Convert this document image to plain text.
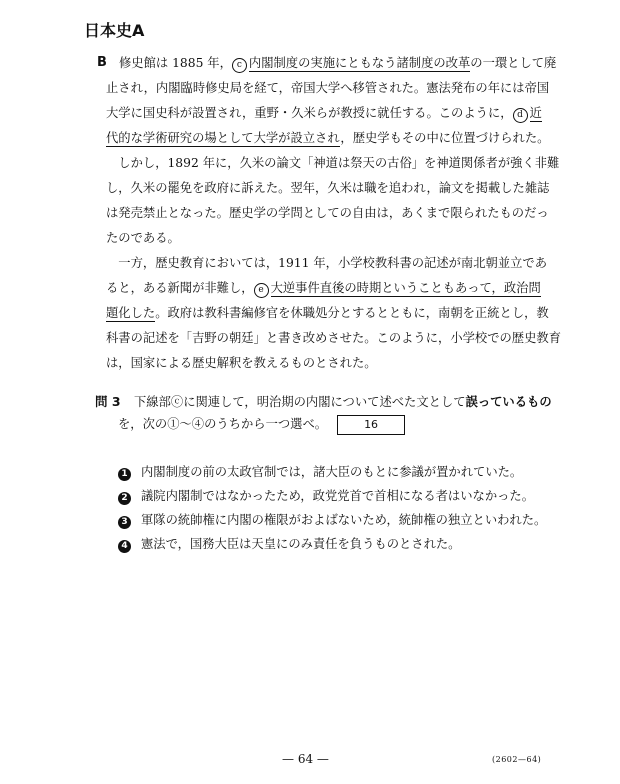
日本史A
B 修史館は 1885 年， c 内閣制度の実施にともなう諸制度の改革の一環として廃
止され，内閣臨時修史局を経て，帝国大学へ移管された。憲法発布の年には帝国
大学に国史科が設置され，重野・久米らが教授に就任する。このように， d 近
代的な学術研究の場として大学が設立され，歴史学もその中に位置づけられた。
　しかし，1892 年に，久米の論文「神道は祭天の古俗」を神道関係者が強く非難
し，久米の罷免を政府に訴えた。翌年，久米は職を追われ，論文を掲載した雑誌
は発売禁止となった。歴史学の学問としての自由は，あくまで限られたものだっ
たのである。
　一方，歴史教育においては，1911 年，小学校教科書の記述が南北朝並立であ
ると，ある新聞が非難し， e 大逆事件直後の時期ということもあって，政治問
題化した。政府は教科書編修官を休職処分とするとともに，南朝を正統とし，教
科書の記述を「吉野の朝廷」と書き改めさせた。このように，小学校での歴史教育
は，国家による歴史解釈を教えるものとされた。
問 3 下線部ⓒに関連して，明治期の内閣について述べた文として誤っているもの
を，次の①～④のうちから一つ選べ。	16
1 内閣制度の前の太政官制では，諸大臣のもとに参議が置かれていた。
2 議院内閣制ではなかったため，政党党首で首相になる者はいなかった。
3 軍隊の統帥権に内閣の権限がおよばないため，統帥権の独立といわれた。
4 憲法で，国務大臣は天皇にのみ責任を負うものとされた。
— 64 —	(2602—64)
